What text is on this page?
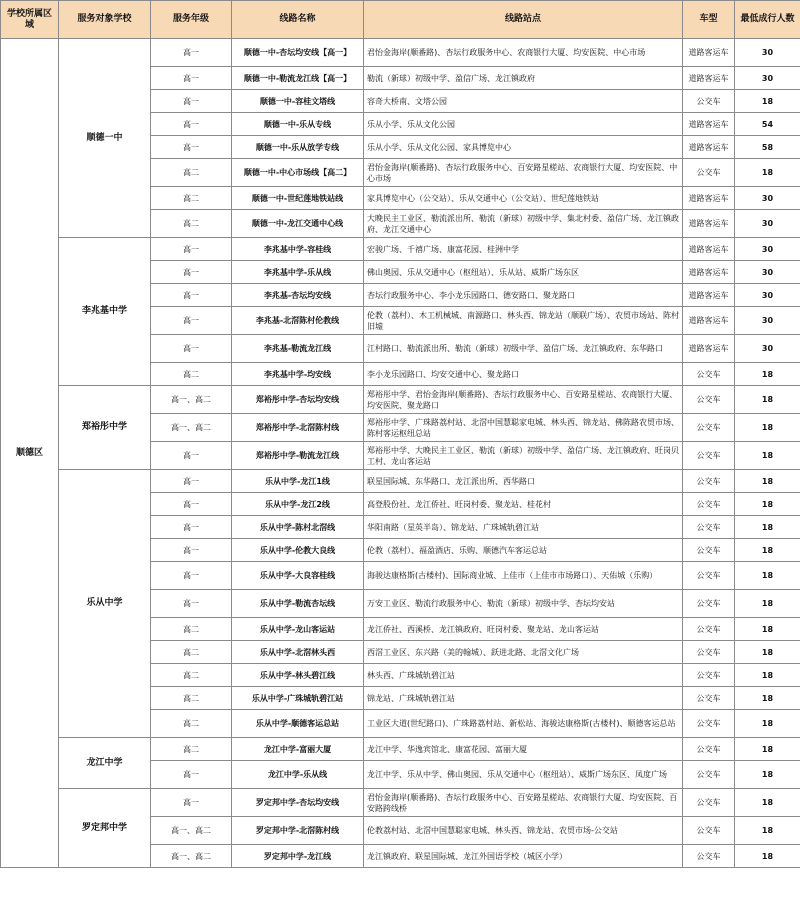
学校所属区域	服务对象学校	服务年级	线路名称	线路站点	车型	最低成行人数
顺德区	顺德一中	高一	顺德一中-杏坛均安线【高一】	君怡金海岸(顺番路)、杏坛行政服务中心、农商银行大厦、均安医院、中心市场	道路客运车	30
		高一	顺德一中-勒流龙江线【高一】	勒流（新球）初级中学、盈信广场、龙江镇政府	道路客运车	30
		高一	顺德一中-容桂文塔线	容奇大桥南、文塔公园	公交车	18
		高一	顺德一中-乐从专线	乐从小学、乐从文化公园	道路客运车	54
		高一	顺德一中-乐从放学专线	乐从小学、乐从文化公园、家具博览中心	道路客运车	58
		高二	顺德一中-中心市场线【高二】	君怡金海岸(顺番路)、杏坛行政服务中心、百安路星槎站、农商银行大厦、均安医院、中心市场	公交车	18
		高二	顺德一中-世纪莲地铁站线	家具博览中心（公交站）、乐从交通中心（公交站）、世纪莲地铁站	道路客运车	30
		高二	顺德一中-龙江交通中心线	大晚民主工业区、勒流派出所、勒流（新球）初级中学、集北村委、盈信广场、龙江镇政府、龙江交通中心	道路客运车	30
	李兆基中学	高一	李兆基中学-容桂线	宏骏广场、千禧广场、康富花园、桂洲中学	道路客运车	30
		高一	李兆基中学-乐从线	佛山奥园、乐从交通中心（枢纽站）、乐从站、威斯广场东区	道路客运车	30
		高一	李兆基-杏坛均安线	杏坛行政服务中心、李小龙乐园路口、德安路口、聚龙路口	道路客运车	30
		高一	李兆基-北滘陈村伦教线	伦教（荔村）、木工机械城、南源路口、林头西、锦龙站（顺联广场）、农贸市场站、陈村旧墟	道路客运车	30
		高一	李兆基-勒流龙江线	江村路口、勒流派出所、勒流（新球）初级中学、盈信广场、龙江镇政府、东华路口	道路客运车	30
		高二	李兆基中学-均安线	李小龙乐园路口、均安交通中心、聚龙路口	公交车	18
	郑裕彤中学	高一、高二	郑裕彤中学-杏坛均安线	郑裕彤中学、君怡金海岸(顺番路)、杏坛行政服务中心、百安路星槎站、农商银行大厦、均安医院、聚龙路口	公交车	18
		高一、高二	郑裕彤中学-北滘陈村线	郑裕彤中学、广珠路荔村站、北滘中国慧聪家电城、林头西、锦龙站、佛陈路农贸市场、陈村客运枢纽总站	公交车	18
		高一	郑裕彤中学-勒流龙江线	郑裕彤中学、大晚民主工业区、勒流（新球）初级中学、盈信广场、龙江镇政府、旺岗贝工村、龙山客运站	公交车	18
	乐从中学	高一	乐从中学-龙江1线	联星国际城、东华路口、龙江派出所、西华路口	公交车	18
		高一	乐从中学-龙江2线	高登股份社、龙江侨社、旺岗村委、聚龙站、桂花村	公交车	18
		高一	乐从中学-陈村北滘线	华阳南路（星英半岛）、锦龙站、广珠城轨碧江站	公交车	18
		高一	乐从中学-伦教大良线	伦教（荔村）、福盈酒店、乐购、顺德汽车客运总站	公交车	18
		高一	乐从中学-大良容桂线	海骏达康格斯(古楼村)、国际商业城、上佳市（上佳市市场路口）、天佑城（乐购）	公交车	18
		高一	乐从中学-勒流杏坛线	万安工业区、勒流行政服务中心、勒流（新球）初级中学、杏坛均安站	公交车	18
		高二	乐从中学-龙山客运站	龙江侨社、西溪桥、龙江镇政府、旺岗村委、聚龙站、龙山客运站	公交车	18
		高二	乐从中学-北滘林头西	西滘工业区、东兴路（美的翰城）、跃进北路、北滘文化广场	公交车	18
		高二	乐从中学-林头碧江线	林头西、广珠城轨碧江站	公交车	18
		高二	乐从中学-广珠城轨碧江站	锦龙站、广珠城轨碧江站	公交车	18
		高二	乐从中学-顺德客运总站	工业区大道(世纪路口)、广珠路荔村站、新松站、海骏达康格斯(古楼村)、顺德客运总站	公交车	18
	龙江中学	高二	龙江中学-富丽大厦	龙江中学、华逸宾馆北、康富花园、富丽大厦	公交车	18
		高一	龙江中学-乐从线	龙江中学、乐从中学、佛山奥园、乐从交通中心（枢纽站）、威斯广场东区、凤度广场	公交车	18
	罗定邦中学	高一	罗定邦中学-杏坛均安线	君怡金海岸(顺番路)、杏坛行政服务中心、百安路星槎站、农商银行大厦、均安医院、百安路跨线桥	公交车	18
		高一、高二	罗定邦中学-北滘陈村线	伦教荔村站、北滘中国慧聪家电城、林头西、锦龙站、农贸市场-公交站	公交车	18
		高一、高二	罗定邦中学-龙江线	龙江镇政府、联星国际城、龙江外国语学校（城区小学）	公交车	18
